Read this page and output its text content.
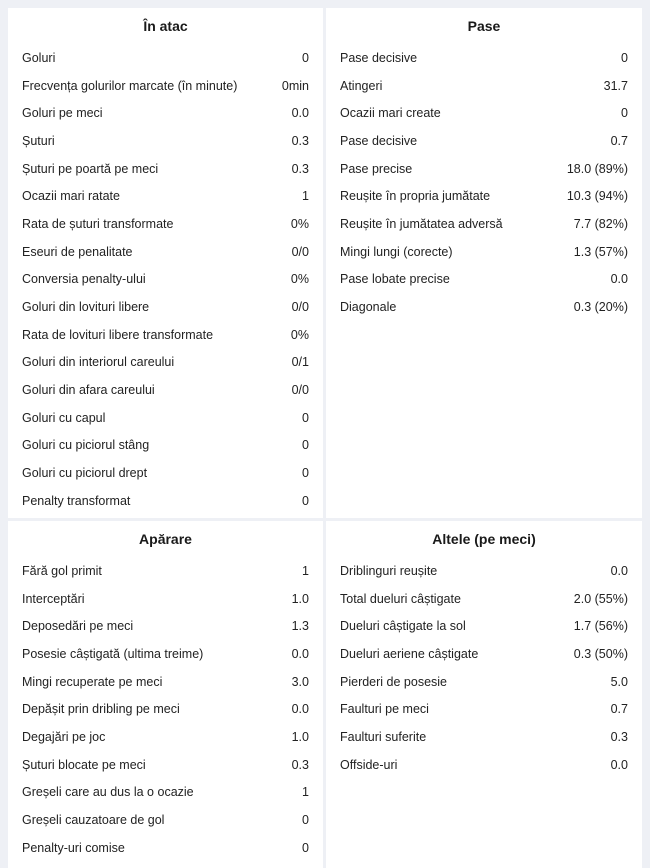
În atac
Goluri	0
Frecvența golurilor marcate (în minute)	0min
Goluri pe meci	0.0
Șuturi	0.3
Șuturi pe poartă pe meci	0.3
Ocazii mari ratate	1
Rata de șuturi transformate	0%
Eseuri de penalitate	0/0
Conversia penalty-ului	0%
Goluri din lovituri libere	0/0
Rata de lovituri libere transformate	0%
Goluri din interiorul careului	0/1
Goluri din afara careului	0/0
Goluri cu capul	0
Goluri cu piciorul stâng	0
Goluri cu piciorul drept	0
Penalty transformat	0
Pase
Pase decisive	0
Atingeri	31.7
Ocazii mari create	0
Pase decisive	0.7
Pase precise	18.0 (89%)
Reușite în propria jumătate	10.3 (94%)
Reușite în jumătatea adversă	7.7 (82%)
Mingi lungi (corecte)	1.3 (57%)
Pase lobate precise	0.0
Diagonale	0.3 (20%)
Apărare
Fără gol primit	1
Interceptări	1.0
Deposedări pe meci	1.3
Posesie câștigată (ultima treime)	0.0
Mingi recuperate pe meci	3.0
Depășit prin dribling pe meci	0.0
Degajări pe joc	1.0
Șuturi blocate pe meci	0.3
Greșeli care au dus la o ocazie	1
Greșeli cauzatoare de gol	0
Penalty-uri comise	0
Altele (pe meci)
Driblinguri reușite	0.0
Total dueluri câștigate	2.0 (55%)
Dueluri câștigate la sol	1.7 (56%)
Dueluri aeriene câștigate	0.3 (50%)
Pierderi de posesie	5.0
Faulturi pe meci	0.7
Faulturi suferite	0.3
Offside-uri	0.0
